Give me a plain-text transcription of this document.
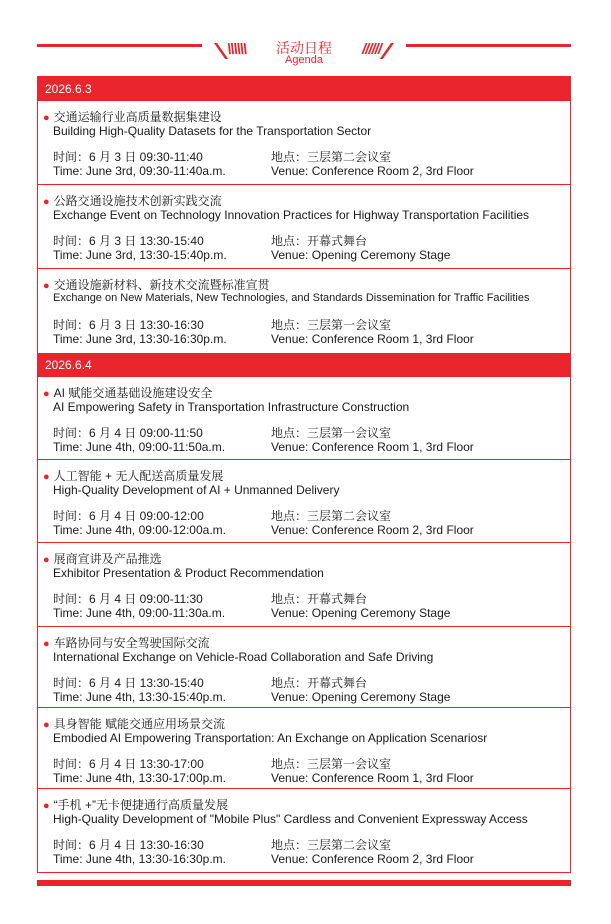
\\\\\\	活动日程
Agenda
//////
2026.6.3
● 交通运输行业高质量数据集建设
Building High-Quality Datasets for the Transportation Sector
时间：6 月 3 日 09:30-11:40	地点：三层第二会议室
Time: June 3rd, 09:30-11:40a.m.	Venue: Conference Room 2, 3rd Floor
● 公路交通设施技术创新实践交流
Exchange Event on Technology Innovation Practices for Highway Transportation Facilities
时间：6 月 3 日 13:30-15:40	地点：开幕式舞台
Time: June 3rd, 13:30-15:40p.m.	Venue: Opening Ceremony Stage
● 交通设施新材料、新技术交流暨标准宣贯
Exchange on New Materials, New Technologies, and Standards Dissemination for Traffic Facilities
时间：6 月 3 日 13:30-16:30	地点：三层第一会议室
Time: June 3rd, 13:30-16:30p.m.	Venue: Conference Room 1, 3rd Floor
2026.6.4
● AI 赋能交通基础设施建设安全
AI Empowering Safety in Transportation Infrastructure Construction
时间：6 月 4 日 09:00-11:50	地点：三层第一会议室
Time: June 4th, 09:00-11:50a.m.	Venue: Conference Room 1, 3rd Floor
● 人工智能 + 无人配送高质量发展
High-Quality Development of AI + Unmanned Delivery
时间：6 月 4 日 09:00-12:00	地点：三层第二会议室
Time: June 4th, 09:00-12:00a.m.	Venue: Conference Room 2, 3rd Floor
● 展商宣讲及产品推选
Exhibitor Presentation & Product Recommendation
时间：6 月 4 日 09:00-11:30	地点：开幕式舞台
Time: June 4th, 09:00-11:30a.m.	Venue: Opening Ceremony Stage
● 车路协同与安全驾驶国际交流
International Exchange on Vehicle-Road Collaboration and Safe Driving
时间：6 月 4 日 13:30-15:40	地点：开幕式舞台
Time: June 4th, 13:30-15:40p.m.	Venue: Opening Ceremony Stage
● 具身智能 赋能交通应用场景交流
Embodied AI Empowering Transportation: An Exchange on Application Scenariosr
时间：6 月 4 日 13:30-17:00	地点：三层第一会议室
Time: June 4th, 13:30-17:00p.m.	Venue: Conference Room 1, 3rd Floor
● “手机 +”无卡便捷通行高质量发展
High-Quality Development of "Mobile Plus" Cardless and Convenient Expressway Access
时间：6 月 4 日 13:30-16:30	地点：三层第二会议室
Time: June 4th, 13:30-16:30p.m.	Venue: Conference Room 2, 3rd Floor
